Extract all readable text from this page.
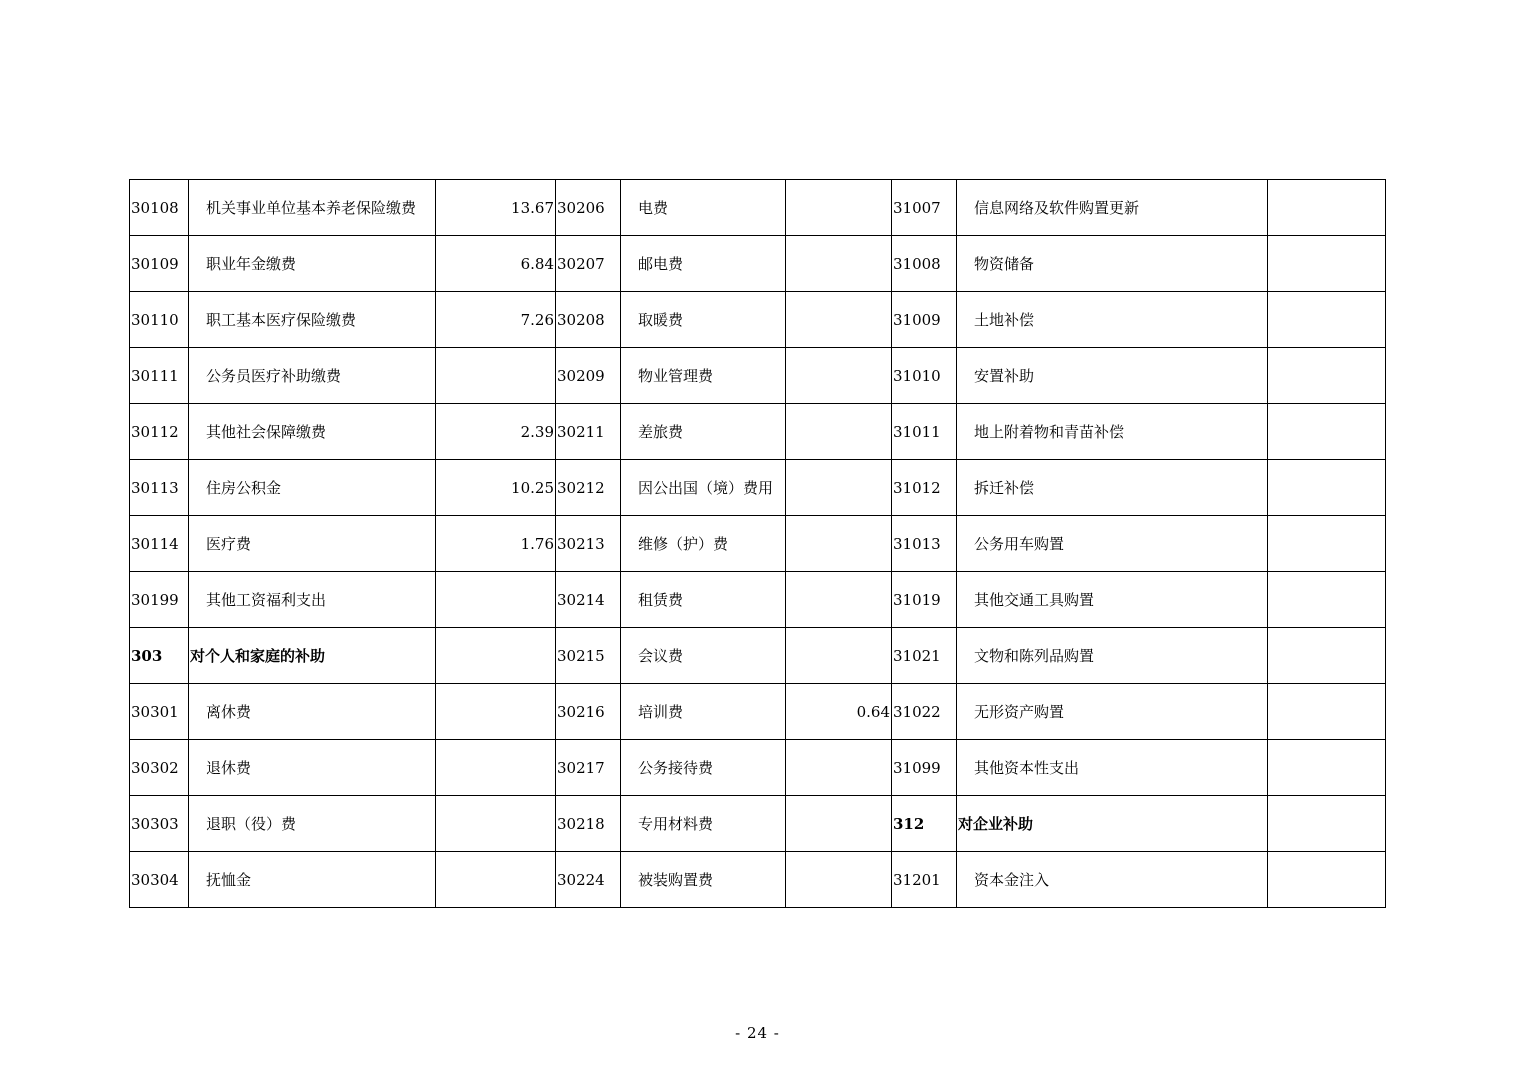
30108	机关事业单位基本养老保险缴费	13.67	30206	电费		31007	信息网络及软件购置更新	
30109	职业年金缴费	6.84	30207	邮电费		31008	物资储备	
30110	职工基本医疗保险缴费	7.26	30208	取暖费		31009	土地补偿	
30111	公务员医疗补助缴费		30209	物业管理费		31010	安置补助	
30112	其他社会保障缴费	2.39	30211	差旅费		31011	地上附着物和青苗补偿	
30113	住房公积金	10.25	30212	因公出国（境）费用		31012	拆迁补偿	
30114	医疗费	1.76	30213	维修（护）费		31013	公务用车购置	
30199	其他工资福利支出		30214	租赁费		31019	其他交通工具购置	
303	对个人和家庭的补助		30215	会议费		31021	文物和陈列品购置	
30301	离休费		30216	培训费	0.64	31022	无形资产购置	
30302	退休费		30217	公务接待费		31099	其他资本性支出	
30303	退职（役）费		30218	专用材料费		312	对企业补助	
30304	抚恤金		30224	被装购置费		31201	资本金注入	
- 24 -
